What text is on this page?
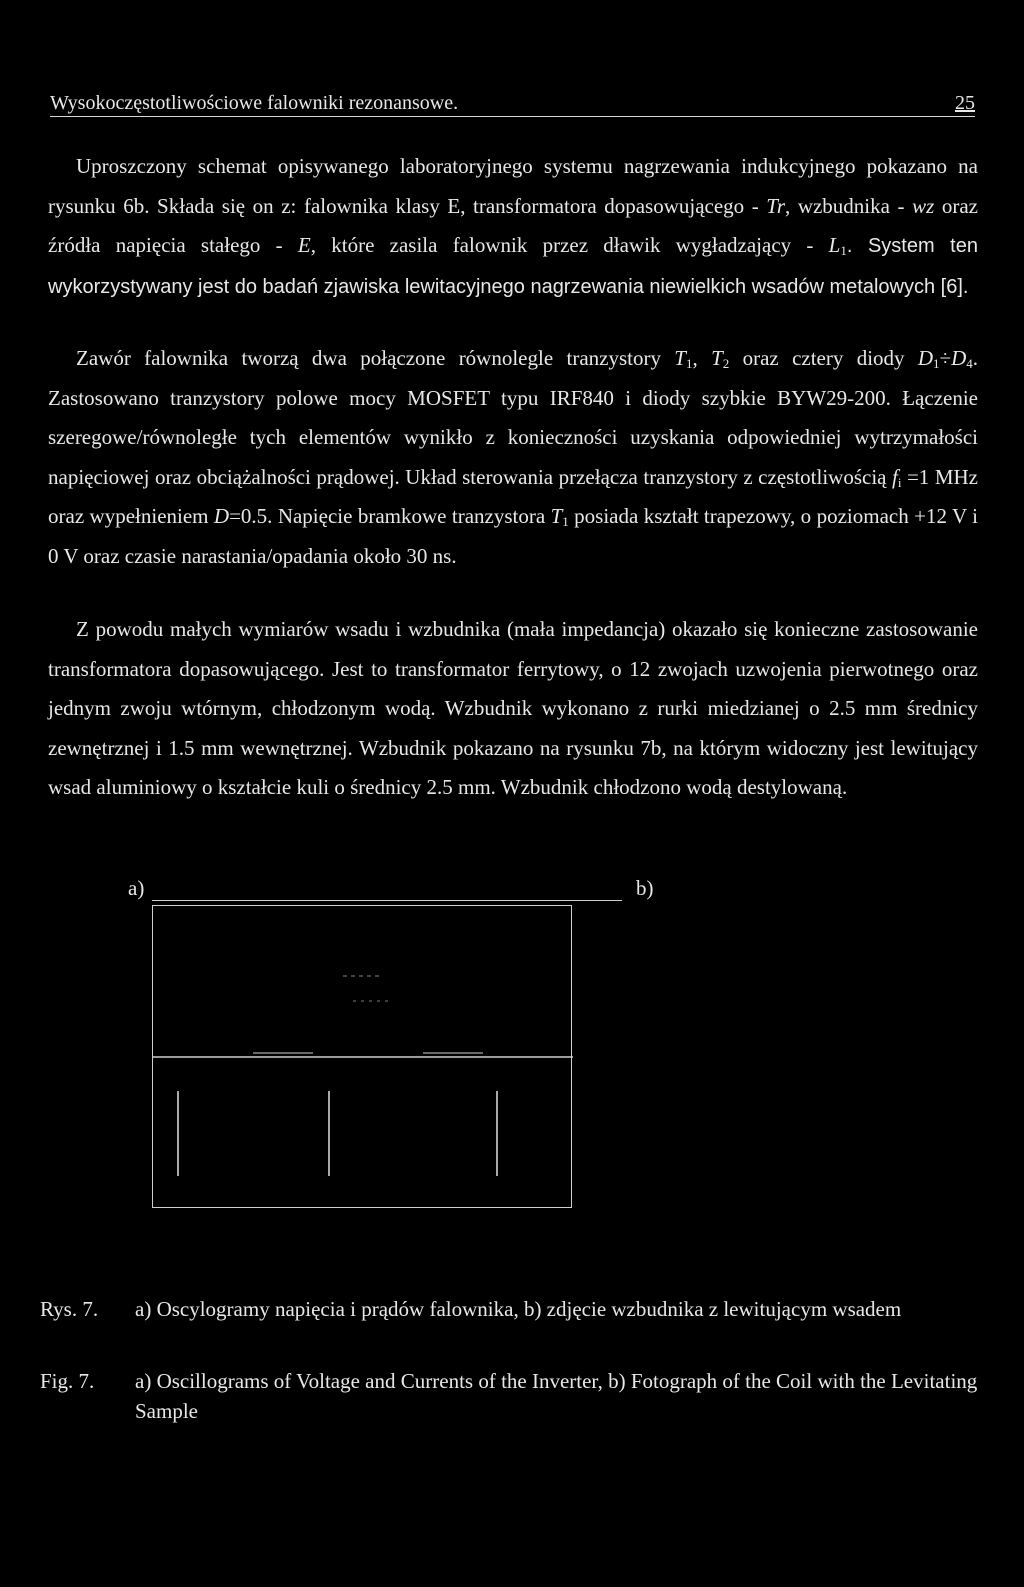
Wysokoczęstotliwościowe falowniki rezonansowe.	25

Uproszczony schemat opisywanego laboratoryjnego systemu nagrzewania indukcyjnego pokazano na rysunku 6b. Składa się on z: falownika klasy E, transformatora dopasowującego - Tr, wzbudnika - wz oraz źródła napięcia stałego - E, które zasila falownik przez dławik wygładzający - $L_1$. System ten wykorzystywany jest do badań zjawiska lewitacyjnego nagrzewania niewielkich wsadów metalowych [6].

Zawór falownika tworzą dwa połączone równolegle tranzystory $T_1$, $T_2$ oraz cztery diody $D_1\div D_4$. Zastosowano tranzystory polowe mocy MOSFET typu IRF840 i diody szybkie BYW29-200. Łączenie szeregowe/równoległe tych elementów wynikło z konieczności uzyskania odpowiedniej wytrzymałości napięciowej oraz obciążalności prądowej. Układ sterowania przełącza tranzystory z częstotliwością $f_i =1$ MHz oraz wypełnieniem D=0.5. Napięcie bramkowe tranzystora $T_1$ posiada kształt trapezowy, o poziomach +12 V i 0 V oraz czasie narastania/opadania około 30 ns.

Z powodu małych wymiarów wsadu i wzbudnika (mała impedancja) okazało się konieczne zastosowanie transformatora dopasowującego. Jest to transformator ferrytowy, o 12 zwojach uzwojenia pierwotnego oraz jednym zwoju wtórnym, chłodzonym wodą. Wzbudnik wykonano z rurki miedzianej o 2.5 mm średnicy zewnętrznej i 1.5 mm wewnętrznej. Wzbudnik pokazano na rysunku 7b, na którym widoczny jest lewitujący wsad aluminiowy o kształcie kuli o średnicy 2.5 mm. Wzbudnik chłodzono wodą destylowaną.

a)	b)
Rys. 7.	a) Oscylogramy napięcia i prądów falownika, b) zdjęcie wzbudnika z lewitującym wsadem
Fig. 7.	a) Oscillograms of Voltage and Currents of the Inverter, b) Fotograph of the Coil with the Levitating Sample
